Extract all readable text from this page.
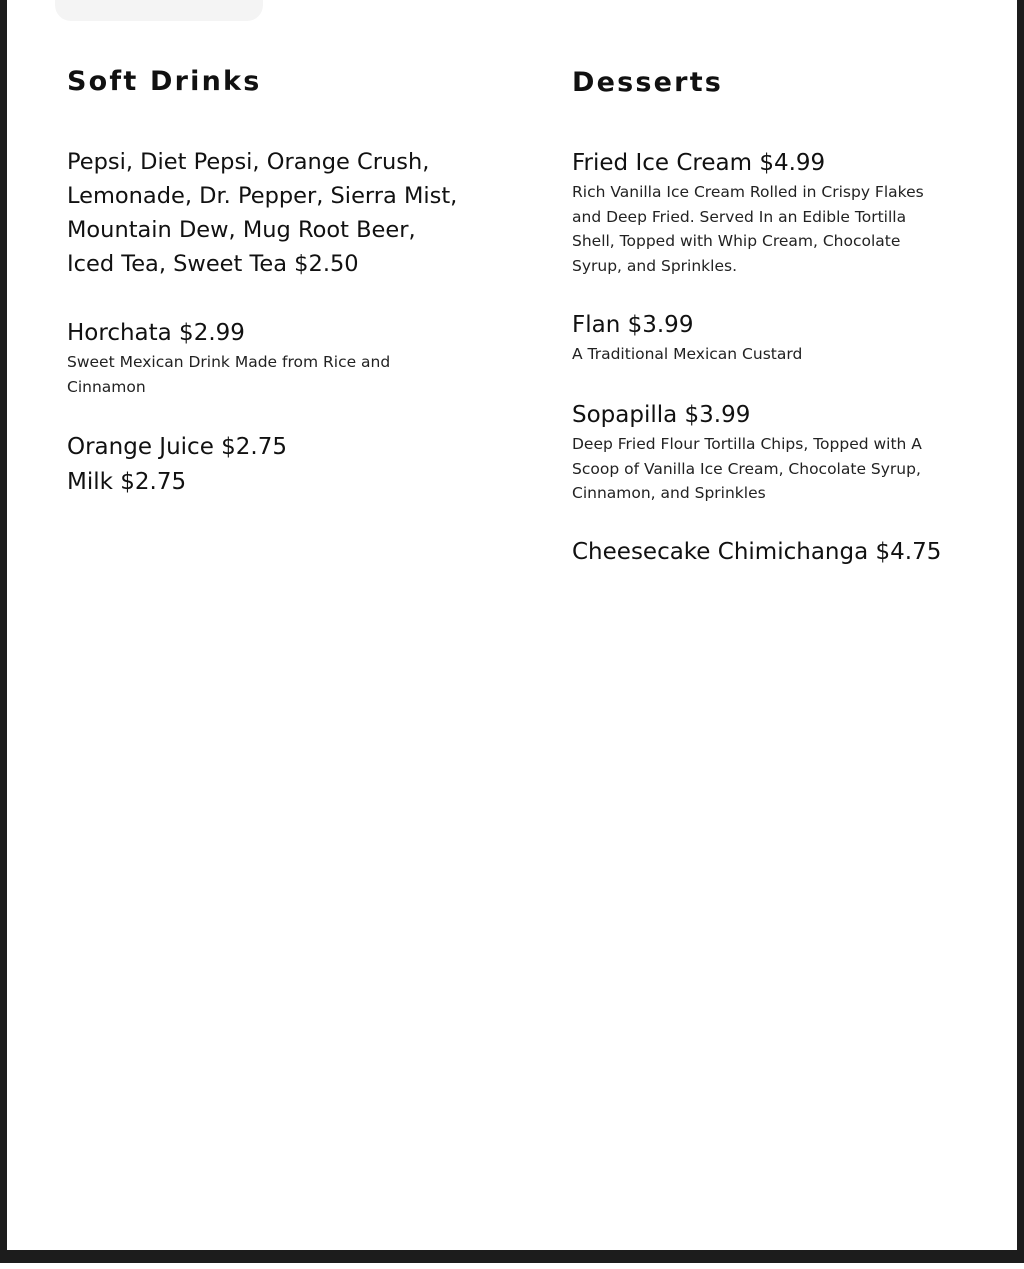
Soft Drinks
Pepsi, Diet Pepsi, Orange Crush, Lemonade, Dr. Pepper, Sierra Mist, Mountain Dew, Mug Root Beer, Iced Tea, Sweet Tea $2.50
Horchata $2.99
Sweet Mexican Drink Made from Rice and Cinnamon
Orange Juice $2.75
Milk $2.75
Desserts
Fried Ice Cream $4.99
Rich Vanilla Ice Cream Rolled in Crispy Flakes and Deep Fried. Served In an Edible Tortilla Shell, Topped with Whip Cream, Chocolate Syrup, and Sprinkles.
Flan $3.99
A Traditional Mexican Custard
Sopapilla $3.99
Deep Fried Flour Tortilla Chips, Topped with A Scoop of Vanilla Ice Cream, Chocolate Syrup, Cinnamon, and Sprinkles
Cheesecake Chimichanga $4.75
